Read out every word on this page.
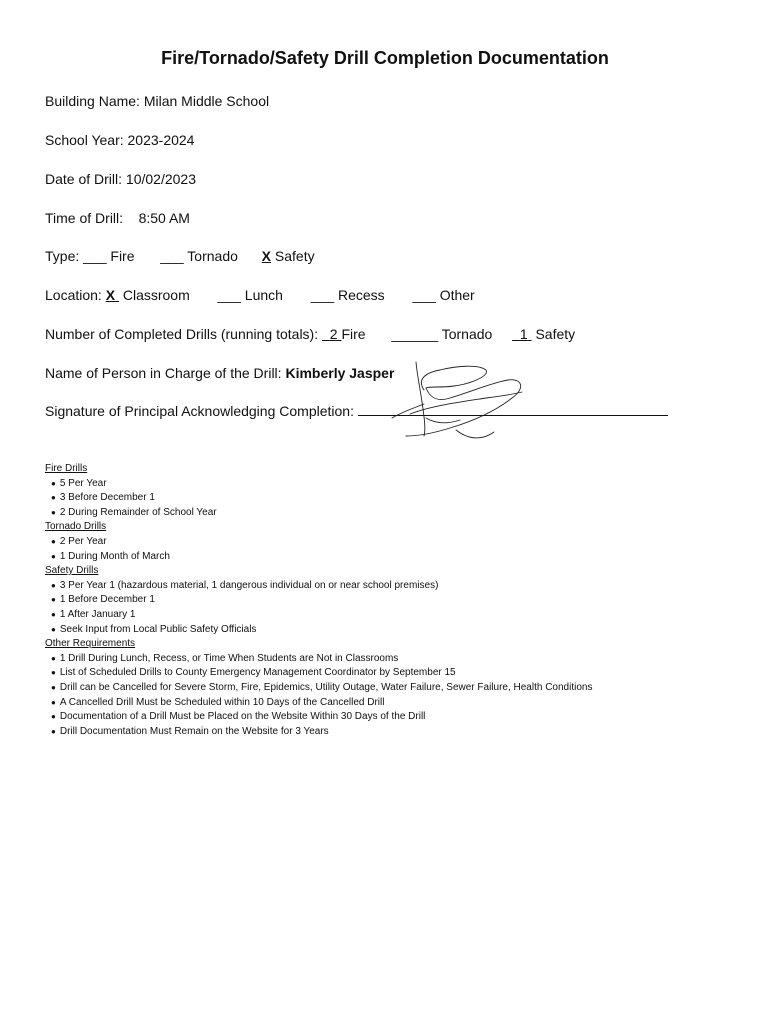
Fire/Tornado/Safety Drill Completion Documentation
Building Name: Milan Middle School
School Year: 2023-2024
Date of Drill: 10/02/2023
Time of Drill:    8:50 AM
Type: ___ Fire ___ Tornado X Safety
Location: X Classroom ___ Lunch ___ Recess ___ Other
Number of Completed Drills (running totals): 2 Fire ______ Tornado 1 Safety
Name of Person in Charge of the Drill: Kimberly Jasper
Signature of Principal Acknowledging Completion:
Fire Drills
● 5 Per Year
● 3 Before December 1
● 2 During Remainder of School Year
Tornado Drills
● 2 Per Year
● 1 During Month of March
Safety Drills
● 3 Per Year 1 (hazardous material, 1 dangerous individual on or near school premises)
● 1 Before December 1
● 1 After January 1
● Seek Input from Local Public Safety Officials
Other Requirements
● 1 Drill During Lunch, Recess, or Time When Students are Not in Classrooms
● List of Scheduled Drills to County Emergency Management Coordinator by September 15
● Drill can be Cancelled for Severe Storm, Fire, Epidemics, Utility Outage, Water Failure, Sewer Failure, Health Conditions
● A Cancelled Drill Must be Scheduled within 10 Days of the Cancelled Drill
● Documentation of a Drill Must be Placed on the Website Within 30 Days of the Drill
● Drill Documentation Must Remain on the Website for 3 Years
